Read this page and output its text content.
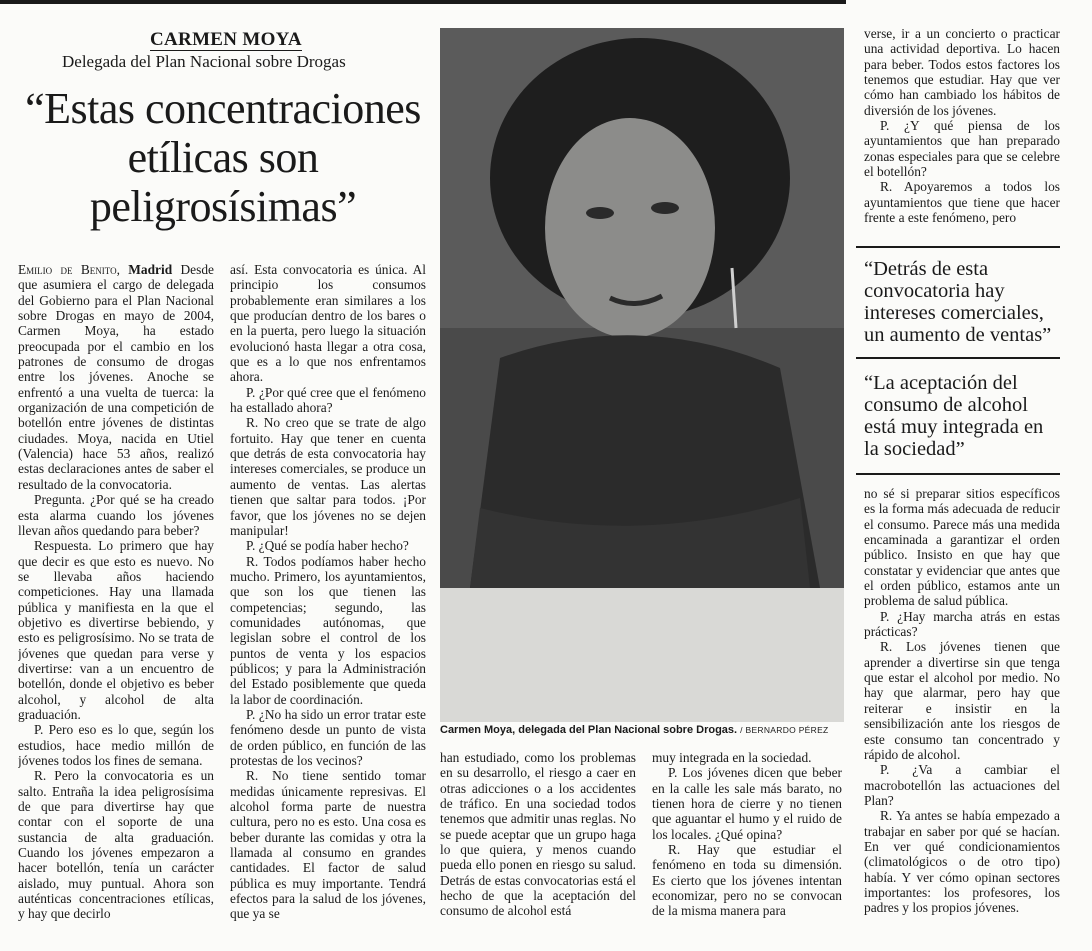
CARMEN MOYA
Delegada del Plan Nacional sobre Drogas
“Estas concentraciones etílicas son peligrosísimas”

Emilio de Benito, Madrid Desde que asumiera el cargo de delegada del Gobierno para el Plan Nacional sobre Drogas en mayo de 2004, Carmen Moya, ha estado preocupada por el cambio en los patrones de consumo de drogas entre los jóvenes. Anoche se enfrentó a una vuelta de tuerca: la organización de una competición de botellón entre jóvenes de distintas ciudades. Moya, nacida en Utiel (Valencia) hace 53 años, realizó estas declaraciones antes de saber el resultado de la convocatoria.

Pregunta. ¿Por qué se ha creado esta alarma cuando los jóvenes llevan años quedando para beber?

Respuesta. Lo primero que hay que decir es que esto es nuevo. No se llevaba años haciendo competiciones. Hay una llamada pública y manifiesta en la que el objetivo es divertirse bebiendo, y esto es peligrosísimo. No se trata de jóvenes que quedan para verse y divertirse: van a un encuentro de botellón, donde el objetivo es beber alcohol, y alcohol de alta graduación.

P. Pero eso es lo que, según los estudios, hace medio millón de jóvenes todos los fines de semana.

R. Pero la convocatoria es un salto. Entraña la idea peligrosísima de que para divertirse hay que contar con el soporte de una sustancia de alta graduación. Cuando los jóvenes empezaron a hacer botellón, tenía un carácter aislado, muy puntual. Ahora son auténticas concentraciones etílicas, y hay que decirlo

así. Esta convocatoria es única. Al principio los consumos probablemente eran similares a los que producían dentro de los bares o en la puerta, pero luego la situación evolucionó hasta llegar a otra cosa, que es a lo que nos enfrentamos ahora.

P. ¿Por qué cree que el fenómeno ha estallado ahora?

R. No creo que se trate de algo fortuito. Hay que tener en cuenta que detrás de esta convocatoria hay intereses comerciales, se produce un aumento de ventas. Las alertas tienen que saltar para todos. ¡Por favor, que los jóvenes no se dejen manipular!

P. ¿Qué se podía haber hecho?

R. Todos podíamos haber hecho mucho. Primero, los ayuntamientos, que son los que tienen las competencias; segundo, las comunidades autónomas, que legislan sobre el control de los puntos de venta y los espacios públicos; y para la Administración del Estado posiblemente que queda la labor de coordinación.

P. ¿No ha sido un error tratar este fenómeno desde un punto de vista de orden público, en función de las protestas de los vecinos?

R. No tiene sentido tomar medidas únicamente represivas. El alcohol forma parte de nuestra cultura, pero no es esto. Una cosa es beber durante las comidas y otra la llamada al consumo en grandes cantidades. El factor de salud pública es muy importante. Tendrá efectos para la salud de los jóvenes, que ya se

Carmen Moya, delegada del Plan Nacional sobre Drogas. / BERNARDO PÉREZ

han estudiado, como los problemas en su desarrollo, el riesgo a caer en otras adicciones o a los accidentes de tráfico. En una sociedad todos tenemos que admitir unas reglas. No se puede aceptar que un grupo haga lo que quiera, y menos cuando pueda ello ponen en riesgo su salud. Detrás de estas convocatorias está el hecho de que la aceptación del consumo de alcohol está

muy integrada en la sociedad.

P. Los jóvenes dicen que beber en la calle les sale más barato, no tienen hora de cierre y no tienen que aguantar el humo y el ruido de los locales. ¿Qué opina?

R. Hay que estudiar el fenómeno en toda su dimensión. Es cierto que los jóvenes intentan economizar, pero no se convocan de la misma manera para

verse, ir a un concierto o practicar una actividad deportiva. Lo hacen para beber. Todos estos factores los tenemos que estudiar. Hay que ver cómo han cambiado los hábitos de diversión de los jóvenes.

P. ¿Y qué piensa de los ayuntamientos que han preparado zonas especiales para que se celebre el botellón?

R. Apoyaremos a todos los ayuntamientos que tiene que hacer frente a este fenómeno, pero

“Detrás de esta convocatoria hay intereses comerciales, un aumento de ventas”
“La aceptación del consumo de alcohol está muy integrada en la sociedad”

no sé si preparar sitios específicos es la forma más adecuada de reducir el consumo. Parece más una medida encaminada a garantizar el orden público. Insisto en que hay que constatar y evidenciar que antes que el orden público, estamos ante un problema de salud pública.

P. ¿Hay marcha atrás en estas prácticas?

R. Los jóvenes tienen que aprender a divertirse sin que tenga que estar el alcohol por medio. No hay que alarmar, pero hay que reiterar e insistir en la sensibilización ante los riesgos de este consumo tan concentrado y rápido de alcohol.

P. ¿Va a cambiar el macrobotellón las actuaciones del Plan?

R. Ya antes se había empezado a trabajar en saber por qué se hacían. En ver qué condicionamientos (climatológicos o de otro tipo) había. Y ver cómo opinan sectores importantes: los profesores, los padres y los propios jóvenes.
